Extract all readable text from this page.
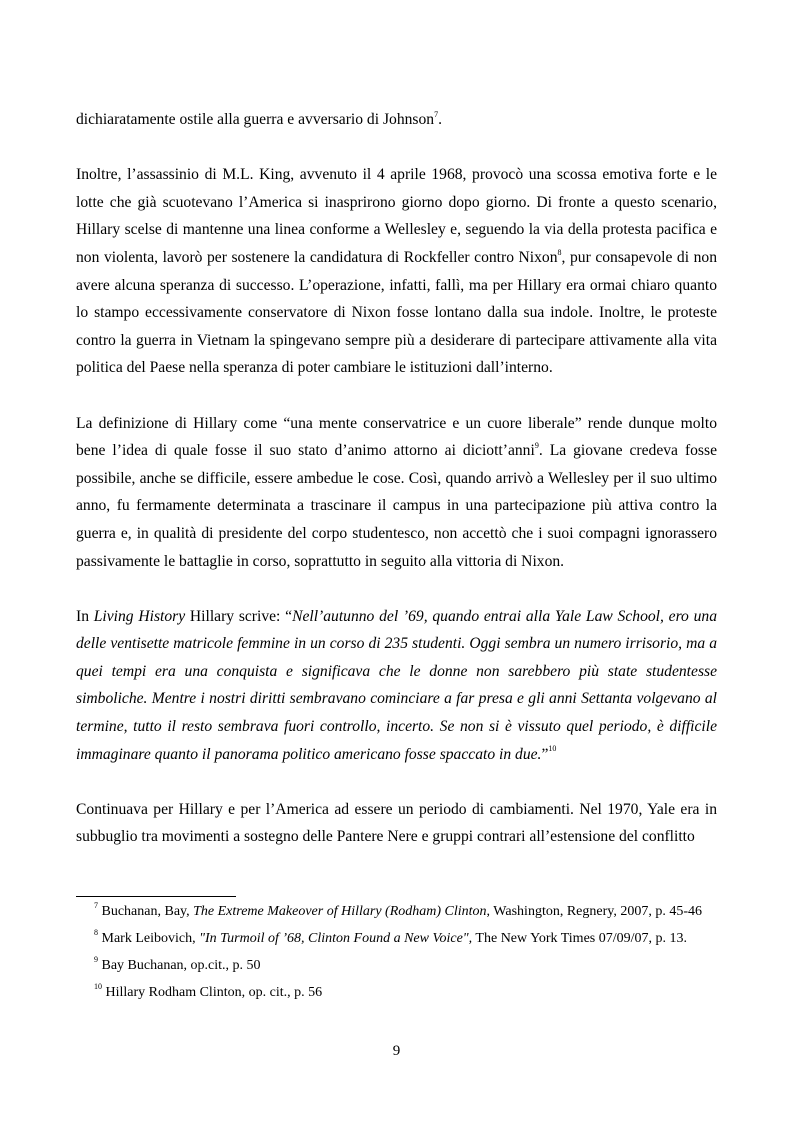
dichiaratamente ostile alla guerra e avversario di Johnson$^7$.

Inoltre, l’assassinio di M.L. King, avvenuto il 4 aprile 1968, provocò una scossa emotiva forte e le lotte che già scuotevano l’America si inasprirono giorno dopo giorno. Di fronte a questo scenario, Hillary scelse di mantenne una linea conforme a Wellesley e, seguendo la via della protesta pacifica e non violenta, lavorò per sostenere la candidatura di Rockfeller contro Nixon$^8$, pur consapevole di non avere alcuna speranza di successo. L’operazione, infatti, fallì, ma per Hillary era ormai chiaro quanto lo stampo eccessivamente conservatore di Nixon fosse lontano dalla sua indole. Inoltre, le proteste contro la guerra in Vietnam la spingevano sempre più a desiderare di partecipare attivamente alla vita politica del Paese nella speranza di poter cambiare le istituzioni dall’interno.

La definizione di Hillary come “una mente conservatrice e un cuore liberale” rende dunque molto bene l’idea di quale fosse il suo stato d’animo attorno ai diciott’anni$^9$. La giovane credeva fosse possibile, anche se difficile, essere ambedue le cose. Così, quando arrivò a Wellesley per il suo ultimo anno, fu fermamente determinata a trascinare il campus in una partecipazione più attiva contro la guerra e, in qualità di presidente del corpo studentesco, non accettò che i suoi compagni ignorassero passivamente le battaglie in corso, soprattutto in seguito alla vittoria di Nixon.

In Living History Hillary scrive: “Nell’autunno del ’69, quando entrai alla Yale Law School, ero una delle ventisette matricole femmine in un corso di 235 studenti. Oggi sembra un numero irrisorio, ma a quei tempi era una conquista e significava che le donne non sarebbero più state studentesse simboliche. Mentre i nostri diritti sembravano cominciare a far presa e gli anni Settanta volgevano al termine, tutto il resto sembrava fuori controllo, incerto. Se non si è vissuto quel periodo, è difficile immaginare quanto il panorama politico americano fosse spaccato in due.”$^{10}$

Continuava per Hillary e per l’America ad essere un periodo di cambiamenti. Nel 1970, Yale era in subbuglio tra movimenti a sostegno delle Pantere Nere e gruppi contrari all’estensione del conflitto

$^7$ Buchanan, Bay, The Extreme Makeover of Hillary (Rodham) Clinton, Washington, Regnery, 2007, p. 45-46

$^8$ Mark Leibovich, "In Turmoil of ’68, Clinton Found a New Voice", The New York Times 07/09/07, p. 13.

$^9$ Bay Buchanan, op.cit., p. 50

$^{10}$ Hillary Rodham Clinton, op. cit., p. 56

9
